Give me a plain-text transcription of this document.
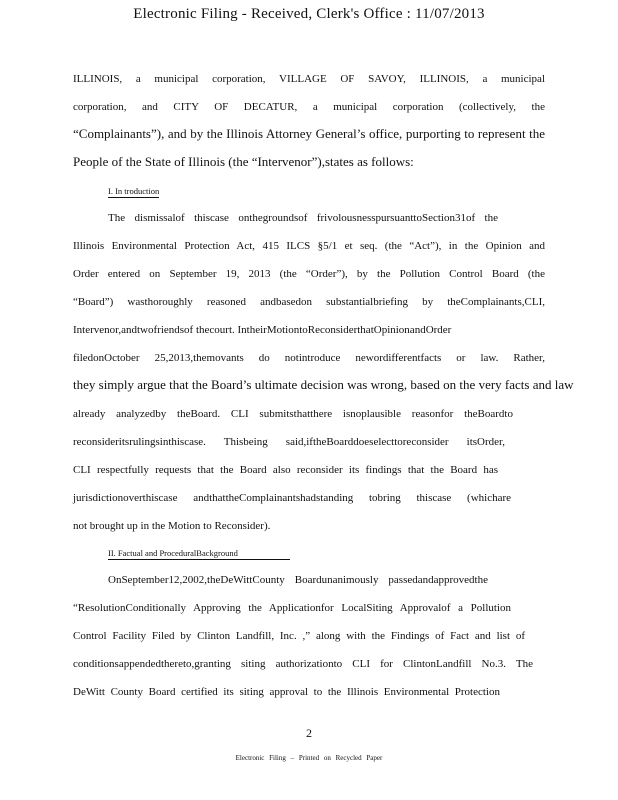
Electronic Filing - Received, Clerk's Office : 11/07/2013
ILLINOIS, a municipal corporation, VILLAGE OF SAVOY, ILLINOIS, a municipal
corporation, and CITY OF DECATUR, a municipal corporation (collectively, the
“Complainants”), and by the Illinois Attorney General’s office, purporting to represent the
People of the State of Illinois (the “Intervenor”),states as follows:
I. In troduction
The dismissalof thiscase onthegroundsof frivolousnesspursuanttoSection31of the
Illinois Environmental Protection Act, 415 ILCS §5/1 et seq. (the “Act”), in the Opinion and
Order entered on September 19, 2013 (the “Order”), by the Pollution Control Board (the
“Board”) wasthoroughly reasoned andbasedon substantialbriefing by theComplainants,CLI,
Intervenor,andtwofriendsof thecourt. IntheirMotiontoReconsiderthatOpinionandOrder
filedonOctober 25,2013,themovants do notintroduce newordifferentfacts or law. Rather,
they simply argue that the Board’s ultimate decision was wrong, based on the very facts and law
already analyzedby theBoard. CLI submitsthatthere isnoplausible reasonfor theBoardto
reconsideritsrulingsinthiscase. Thisbeing said,iftheBoarddoeselecttoreconsider itsOrder,
CLI respectfully requests that the Board also reconsider its findings that the Board has
jurisdictionoverthiscase andthattheComplainantshadstanding tobring thiscase (whichare
not brought up in the Motion to Reconsider).
II. Factual and ProceduralBackground
OnSeptember12,2002,theDeWittCounty Boardunanimously passedandapprovedthe
“ResolutionConditionally Approving the Applicationfor LocalSiting Approvalof a Pollution
Control Facility Filed by Clinton Landfill, Inc. ,” along with the Findings of Fact and list of
conditionsappendedthereto,granting siting authorizationto CLI for ClintonLandfill No.3. The
DeWitt County Board certified its siting approval to the Illinois Environmental Protection
2
Electronic Filing – Printed on Recycled Paper
